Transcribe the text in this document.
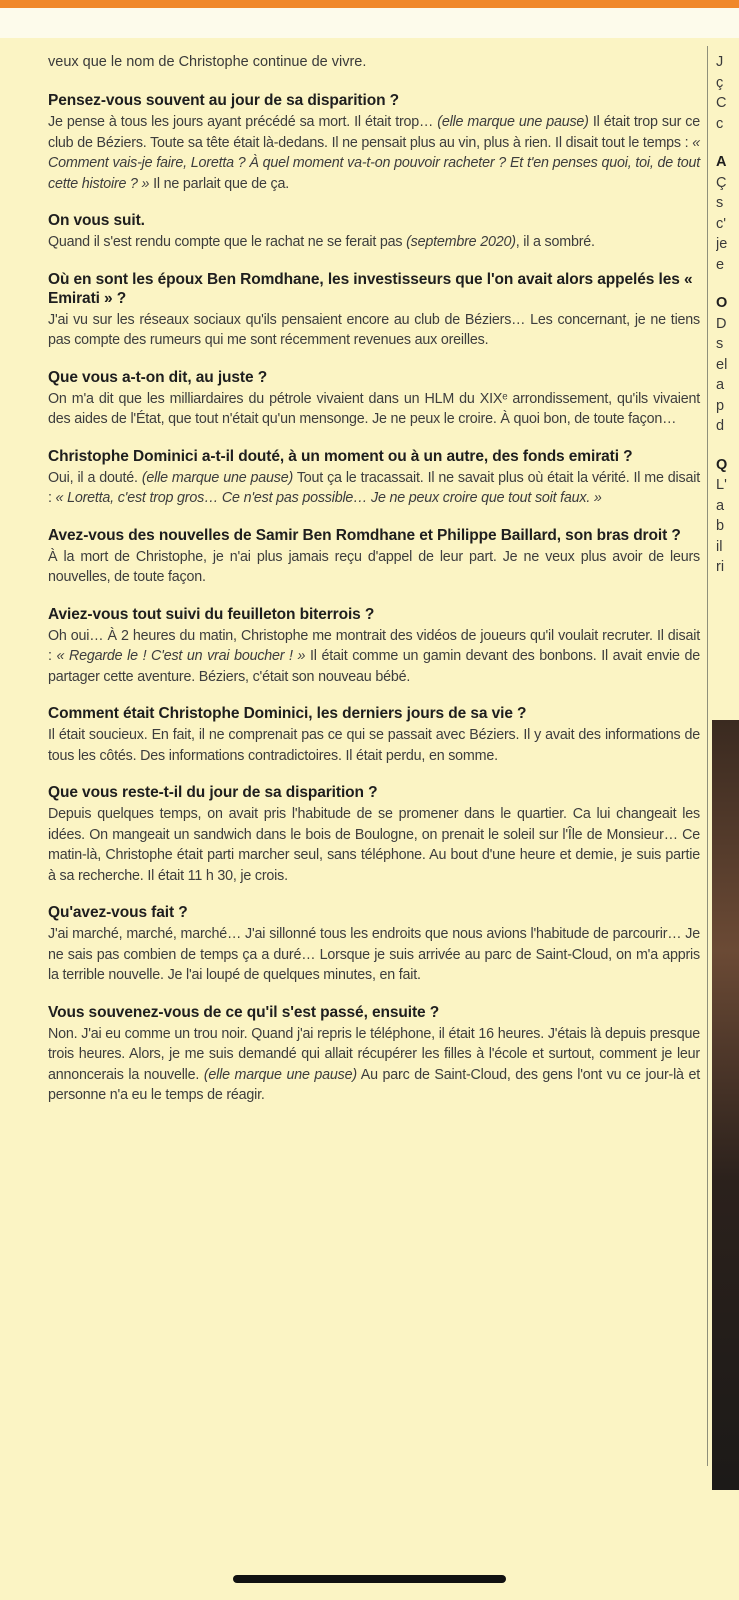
veux que le nom de Christophe continue de vivre.

Pensez-vous souvent au jour de sa disparition ?

Je pense à tous les jours ayant précédé sa mort. Il était trop… (elle marque une pause) Il était trop sur ce club de Béziers. Toute sa tête était là-dedans. Il ne pensait plus au vin, plus à rien. Il disait tout le temps : « Comment vais-je faire, Loretta ? À quel moment va-t-on pouvoir racheter ? Et t'en penses quoi, toi, de tout cette histoire ? » Il ne parlait que de ça.

On vous suit.

Quand il s'est rendu compte que le rachat ne se ferait pas (septembre 2020), il a sombré.

Où en sont les époux Ben Romdhane, les investisseurs que l'on avait alors appelés les « Emirati » ?

J'ai vu sur les réseaux sociaux qu'ils pensaient encore au club de Béziers… Les concernant, je ne tiens pas compte des rumeurs qui me sont récemment revenues aux oreilles.

Que vous a-t-on dit, au juste ?

On m'a dit que les milliardaires du pétrole vivaient dans un HLM du XIXᵉ arrondissement, qu'ils vivaient des aides de l'État, que tout n'était qu'un mensonge. Je ne peux le croire. À quoi bon, de toute façon…

Christophe Dominici a-t-il douté, à un moment ou à un autre, des fonds emirati ?

Oui, il a douté. (elle marque une pause) Tout ça le tracassait. Il ne savait plus où était la vérité. Il me disait : « Loretta, c'est trop gros… Ce n'est pas possible… Je ne peux croire que tout soit faux. »

Avez-vous des nouvelles de Samir Ben Romdhane et Philippe Baillard, son bras droit ?

À la mort de Christophe, je n'ai plus jamais reçu d'appel de leur part. Je ne veux plus avoir de leurs nouvelles, de toute façon.

Aviez-vous tout suivi du feuilleton biterrois ?

Oh oui… À 2 heures du matin, Christophe me montrait des vidéos de joueurs qu'il voulait recruter. Il disait : « Regarde le ! C'est un vrai boucher ! » Il était comme un gamin devant des bonbons. Il avait envie de partager cette aventure. Béziers, c'était son nouveau bébé.

Comment était Christophe Dominici, les derniers jours de sa vie ?

Il était soucieux. En fait, il ne comprenait pas ce qui se passait avec Béziers. Il y avait des informations de tous les côtés. Des informations contradictoires. Il était perdu, en somme.

Que vous reste-t-il du jour de sa disparition ?

Depuis quelques temps, on avait pris l'habitude de se promener dans le quartier. Ca lui changeait les idées. On mangeait un sandwich dans le bois de Boulogne, on prenait le soleil sur l'Île de Monsieur… Ce matin-là, Christophe était parti marcher seul, sans téléphone. Au bout d'une heure et demie, je suis partie à sa recherche. Il était 11 h 30, je crois.

Qu'avez-vous fait ?

J'ai marché, marché, marché… J'ai sillonné tous les endroits que nous avions l'habitude de parcourir… Je ne sais pas combien de temps ça a duré… Lorsque je suis arrivée au parc de Saint-Cloud, on m'a appris la terrible nouvelle. Je l'ai loupé de quelques minutes, en fait.

Vous souvenez-vous de ce qu'il s'est passé, ensuite ?

Non. J'ai eu comme un trou noir. Quand j'ai repris le téléphone, il était 16 heures. J'étais là depuis presque trois heures. Alors, je me suis demandé qui allait récupérer les filles à l'école et surtout, comment je leur annoncerais la nouvelle. (elle marque une pause) Au parc de Saint-Cloud, des gens l'ont vu ce jour-là et personne n'a eu le temps de réagir.

J
ç
C
c
A
Ç
s
c'
je
e
O
D
s
el
a
p
d
Q
L'
a
b
il
ri
